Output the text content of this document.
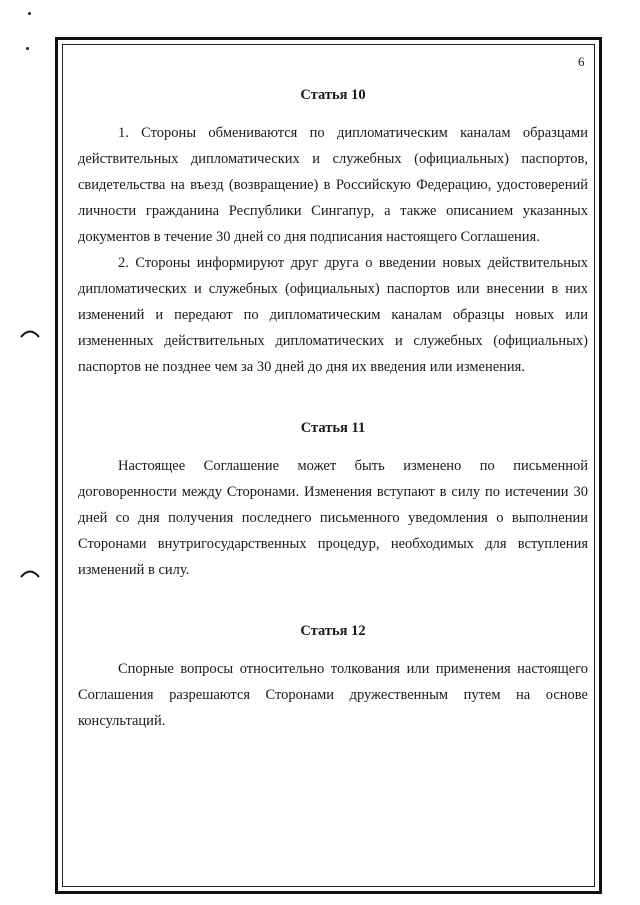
6
Статья 10

1. Стороны обмениваются по дипломатическим каналам образцами действительных дипломатических и служебных (официальных) паспортов, свидетельства на въезд (возвращение) в Российскую Федерацию, удостоверений личности гражданина Республики Сингапур, а также описанием указанных документов в течение 30 дней со дня подписания настоящего Соглашения.

2. Стороны информируют друг друга о введении новых действительных дипломатических и служебных (официальных) паспортов или внесении в них изменений и передают по дипломатическим каналам образцы новых или измененных действительных дипломатических и служебных (официальных) паспортов не позднее чем за 30 дней до дня их введения или изменения.

Статья 11

Настоящее Соглашение может быть изменено по письменной договоренности между Сторонами. Изменения вступают в силу по истечении 30 дней со дня получения последнего письменного уведомления о выполнении Сторонами внутригосударственных процедур, необходимых для вступления изменений в силу.

Статья 12

Спорные вопросы относительно толкования или применения настоящего Соглашения разрешаются Сторонами дружественным путем на основе консультаций.
